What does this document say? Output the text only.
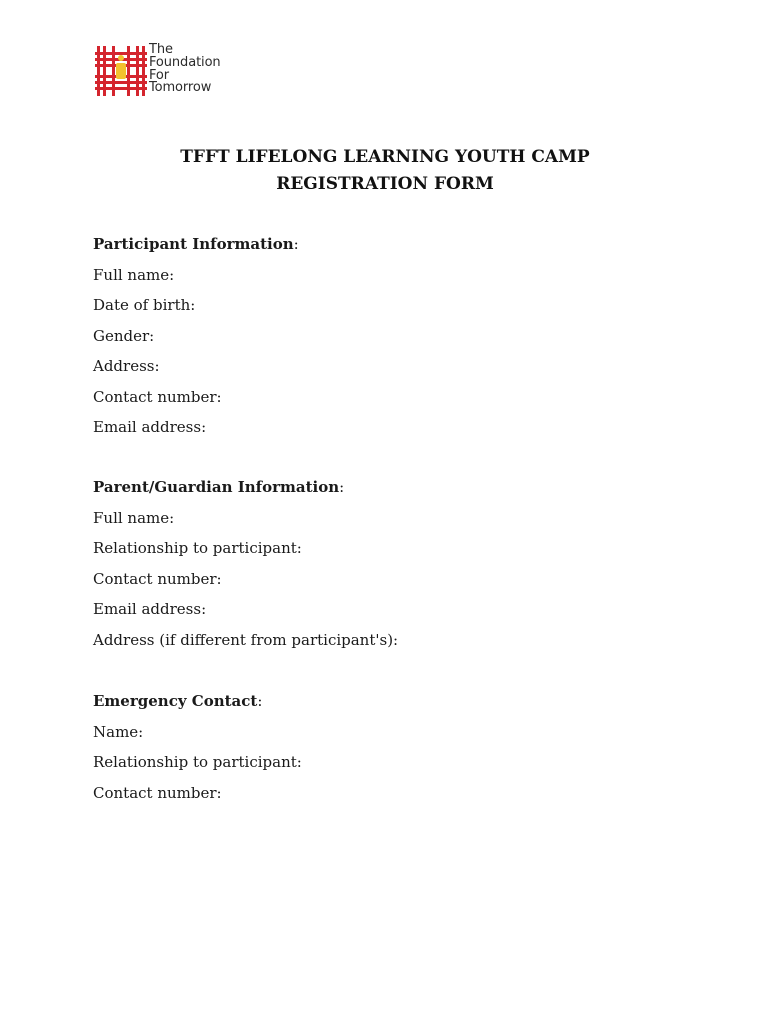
The
Foundation
For
Tomorrow
TFFT LIFELONG LEARNING YOUTH CAMP
REGISTRATION FORM
Participant Information:
Full name:
Date of birth:
Gender:
Address:
Contact number:
Email address:
Parent/Guardian Information:
Full name:
Relationship to participant:
Contact number:
Email address:
Address (if different from participant's):
Emergency Contact:
Name:
Relationship to participant:
Contact number:
